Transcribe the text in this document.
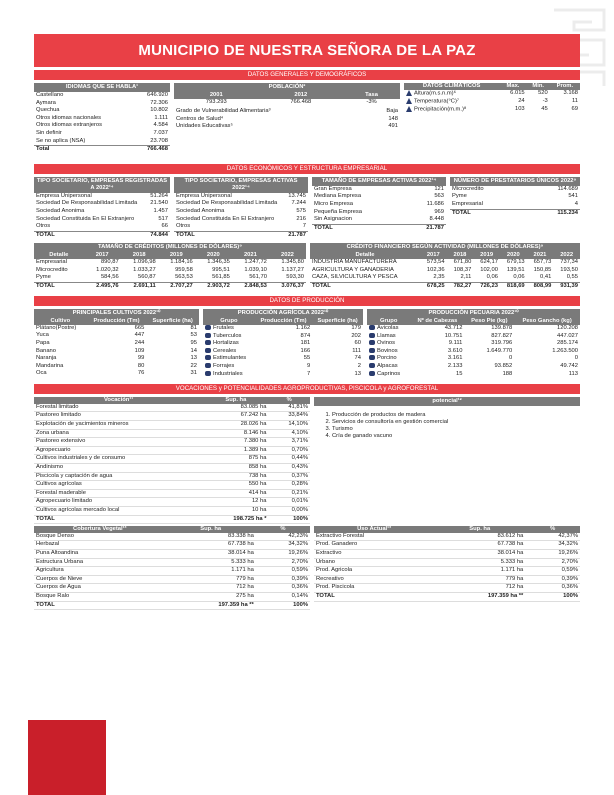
MUNICIPIO DE NUESTRA SEÑORA DE LA PAZ
DATOS GENERALES Y DEMOGRÁFICOS
IDIOMAS QUE SE HABLA¹
Castellano	646.920
Aymara	72.306
Quechua	10.802
Otros idiomas nacionales	1.111
Otros idiomas extranjeros	4.584
Sin definir	7.037
Se no aplica (NSA)	23.708
Total	766.468
POBLACIÓN²
2001	2012	Tasa
793.293	766.468	-3%
Grado de Vulnerabilidad Alimentaria³	Baja
Centros de Salud⁴	148
Unidades Educativas⁵	491
DATOS CLIMÁTICOS	Max.	Min.	Prom.
Altura(m.s.n.m)⁶	6.015	520	3.168
Temperatura(°C)⁷	24	-3	11
Precipitación(m.m.)⁸	103	45	69
DATOS ECONÓMICOS Y ESTRUCTURA EMPRESARIAL
TIPO SOCIETARIO, EMPRESAS REGISTRADAS A 2022¹⁴
Empresa Unipersonal	51.264
Sociedad De Responsabilidad Limitada	21.540
Sociedad Anonima	1.457
Sociedad Constituida En El Extranjero	517
Otros	66
TOTAL	74.844
TIPO SOCIETARIO, EMPRESAS ACTIVAS 2022¹⁴
Empresa Unipersonal	13.745
Sociedad De Responsabilidad Limitada	7.244
Sociedad Anonima	575
Sociedad Constituida En El Extranjero	216
Otros	7
TOTAL	21.787
TAMAÑO DE EMPRESAS ACTIVAS 2022¹⁴
Gran Empresa	121
Mediana Empresa	563
Micro Empresa	11.686
Pequeña Empresa	969
Sin Asignacion	8.448
TOTAL	21.787
NÚMERO DE PRESTATARIOS ÚNICOS 2022⁹
Microcredito	114.689
Pyme	541
Empresarial	4
TOTAL	115.234
TAMAÑO DE CRÉDITOS (MILLONES DE DÓLARES)⁹
Detalle	2017	2018	2019	2020	2021	2022
Empresarial	890,87	1.096,98	1.184,16	1.346,35	1.247,72	1.345,80
Microcredito	1.020,32	1.033,27	959,58	995,51	1.039,10	1.137,27
Pyme	584,56	560,87	563,53	561,85	561,70	593,30
TOTAL	2.495,76	2.691,11	2.707,27	2.903,72	2.848,53	3.076,37
CRÉDITO FINANCIERO SEGÚN ACTIVIDAD (MILLONES DE DÓLARES)⁹
Detalle	2017	2018	2019	2020	2021	2022
INDUSTRIA MANUFACTURERA	573,54	671,80	624,17	679,13	657,73	737,34
AGRICULTURA Y GANADERIA	102,36	108,37	102,00	139,51	150,85	193,50
CAZA, SILVICULTURA Y PESCA	2,35	2,11	0,06	0,06	0,41	0,55
TOTAL	678,25	782,27	726,23	818,69	808,99	931,39
DATOS DE PRODUCCIÓN
PRINCIPALES CULTIVOS 2022¹⁰
Cultivo	Producción (Tm)	Superficie (ha)
Plátano(Postre)	665	81
Yuca	447	53
Papa	244	95
Banano	109	14
Naranja	99	13
Mandarina	80	22
Oca	76	31
PRODUCCIÓN AGRÍCOLA 2022¹⁰
Grupo	Producción (Tm)	Superficie (ha)
Frutales	1.162	179
Tuberculos	874	202
Hortalizas	181	60
Cereales	166	111
Estimulantes	55	74
Forrajes	9	2
Industriales	7	13
PRODUCCIÓN PECUARIA 2022¹⁰
Grupo	Nº de Cabezas	Peso Pie (kg)	Peso Gancho (kg)
Avicolas	43.712	139.878	120.208
Llamas	10.751	827.827	447.027
Ovinos	9.111	319.796	285.174
Bovinos	3.610	1.649.770	1.263.500
Porcino	3.161	0	0
Alpacas	2.133	93.852	49.742
Caprinos	15	188	113
VOCACIONES y POTENCIALIDADES AGROPRODUCTIVAS, PISCICOLA y AGROFORESTAL
Vocación¹¹	Sup. ha	%
Forestal limitado	83.085 ha	41,81%
Pastoreo limitado	67.242 ha	33,84%
Explotación de yacimientos mineros	28.026 ha	14,10%
Zona urbana	8.146 ha	4,10%
Pastoreo extensivo	7.380 ha	3,71%
Agropecuario	1.389 ha	0,70%
Cultivos industriales y de consumo	875 ha	0,44%
Andinismo	858 ha	0,43%
Piscicola y captación de agua	738 ha	0,37%
Cultivos agrícolas	550 ha	0,28%
Forestal maderable	414 ha	0,21%
Agropecuario limitado	12 ha	0,01%
Cultivos agrícolas mercado local	10 ha	0,00%
TOTAL	198.725 ha *	100%
potencial¹²
1. Producción de productos de madera
2. Servicios de consultoría en gestión comercial
3. Turismo
4. Cría de ganado vacuno
Cobertura Vegetal¹³	Sup. ha	%
Bosque Denso	83.338 ha	42,23%
Herbazal	67.738 ha	34,32%
Puna Altoandina	38.014 ha	19,26%
Estructura Urbana	5.333 ha	2,70%
Agricultura	1.171 ha	0,59%
Cuerpos de Nieve	779 ha	0,39%
Cuerpos de Agua	712 ha	0,36%
Bosque Ralo	275 ha	0,14%
TOTAL	197.359 ha **	100%
Uso Actual¹³	Sup. ha	%
Extractivo Forestal	83.612 ha	42,37%
Prod. Ganadero	67.738 ha	34,32%
Extractivo	38.014 ha	19,26%
Urbano	5.333 ha	2,70%
Prod. Agricola	1.171 ha	0,59%
Recreativo	779 ha	0,39%
Prod. Piscicola	712 ha	0,36%
TOTAL	197.359 ha **	100%
